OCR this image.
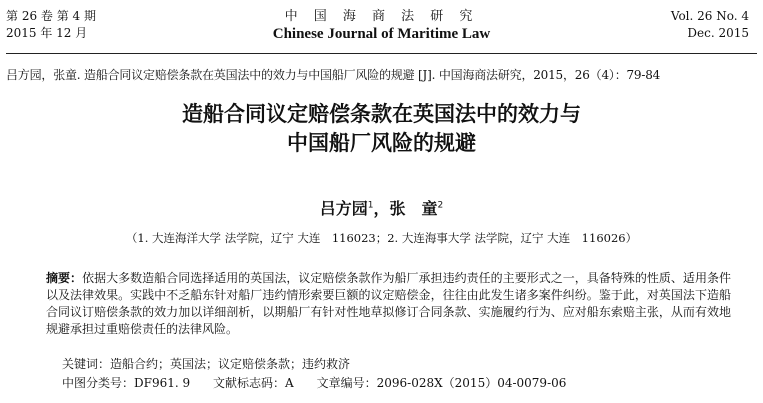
第 26 卷 第 4 期
2015 年 12 月
中 国 海 商 法 研 究
Chinese Journal of Maritime Law
Vol. 26 No. 4
Dec. 2015
吕方园，张童. 造船合同议定赔偿条款在英国法中的效力与中国船厂风险的规避 [J]. 中国海商法研究，2015，26（4）：79-84
造船合同议定赔偿条款在英国法中的效力与
中国船厂风险的规避
吕方园$^1$，张　童$^2$
（1. 大连海洋大学 法学院，辽宁 大连　116023；2. 大连海事大学 法学院，辽宁 大连　116026）
摘要：依据大多数造船合同选择适用的英国法，议定赔偿条款作为船厂承担违约责任的主要形式之一，具备特殊的性质、适用条件以及法律效果。实践中不乏船东针对船厂违约情形索要巨额的议定赔偿金，往往由此发生诸多案件纠纷。鉴于此，对英国法下造船合同议订赔偿条款的效力加以详细剖析，以期船厂有针对性地草拟修订合同条款、实施履约行为、应对船东索赔主张，从而有效地规避承担过重赔偿责任的法律风险。
关键词：造船合约；英国法；议定赔偿条款；违约救济
中图分类号：DF961. 9 文献标志码：A 文章编号：2096-028X（2015）04-0079-06
